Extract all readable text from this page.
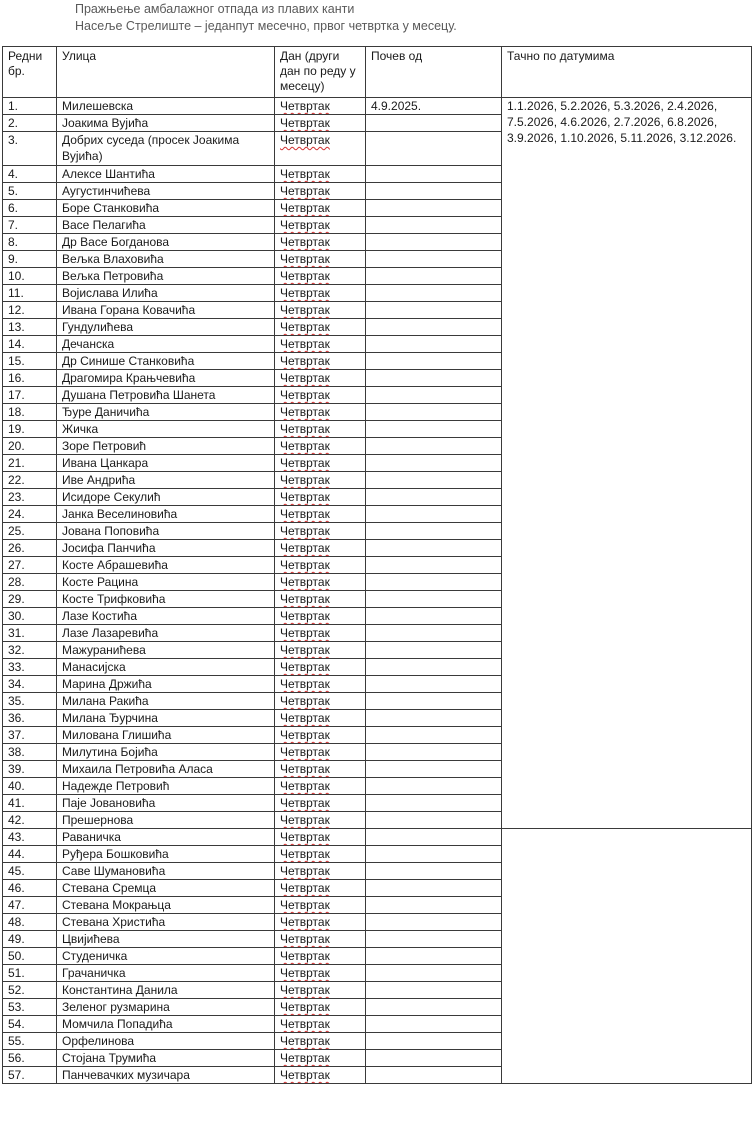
Пражњење амбалажног отпада из плавих канти
Насеље Стрелиште – једанпут месечно, првог четвртка у месецу.
Редни бр.	Улица	Дан (други дан по реду у месецу)	Почев од	Тачно по датумима
1.	Милешевска	Четвртак	4.9.2025.	1.1.2026, 5.2.2026, 5.3.2026, 2.4.2026, 7.5.2026, 4.6.2026, 2.7.2026, 6.8.2026, 3.9.2026, 1.10.2026, 5.11.2026, 3.12.2026.
2.	Јоакима Вујића	Четвртак		
3.	Добрих суседа (просек Јоакима Вујића)	Четвртак		
4.	Алексе Шантића	Четвртак		
5.	Аугустинчићева	Четвртак		
6.	Боре Станковића	Четвртак		
7.	Васе Пелагића	Четвртак		
8.	Др Васе Богданова	Четвртак		
9.	Вељка Влаховића	Четвртак		
10.	Вељка Петровића	Четвртак		
11.	Војислава Илића	Четвртак		
12.	Ивана Горана Ковачића	Четвртак		
13.	Гундулићева	Четвртак		
14.	Дечанска	Четвртак		
15.	Др Синише Станковића	Четвртак		
16.	Драгомира Крањчевића	Четвртак		
17.	Душана Петровића Шанета	Четвртак		
18.	Ђуре Даничића	Четвртак		
19.	Жичка	Четвртак		
20.	Зоре Петровић	Четвртак		
21.	Ивана Цанкара	Четвртак		
22.	Иве Андрића	Четвртак		
23.	Исидоре Секулић	Четвртак		
24.	Јанка Веселиновића	Четвртак		
25.	Јована Поповића	Четвртак		
26.	Јосифа Панчића	Четвртак		
27.	Косте Абрашевића	Четвртак		
28.	Косте Рацина	Четвртак		
29.	Косте Трифковића	Четвртак		
30.	Лазе Костића	Четвртак		
31.	Лазе Лазаревића	Четвртак		
32.	Мажуранићева	Четвртак		
33.	Манасијска	Четвртак		
34.	Марина Држића	Четвртак		
35.	Милана Ракића	Четвртак		
36.	Милана Ђурчина	Четвртак		
37.	Милована Глишића	Четвртак		
38.	Милутина Бојића	Четвртак		
39.	Михаила Петровића Аласа	Четвртак		
40.	Надежде Петровић	Четвртак		
41.	Паје Јовановића	Четвртак		
42.	Прешернова	Четвртак		
43.	Раваничка	Четвртак		
44.	Руђера Бошковића	Четвртак		
45.	Саве Шумановића	Четвртак		
46.	Стевана Сремца	Четвртак		
47.	Стевана Мокрањца	Четвртак		
48.	Стевана Христића	Четвртак		
49.	Цвијићева	Четвртак		
50.	Студеничка	Четвртак		
51.	Грачаничка	Четвртак		
52.	Константина Данила	Четвртак		
53.	Зеленог рузмарина	Четвртак		
54.	Момчила Попадића	Четвртак		
55.	Орфелинова	Четвртак		
56.	Стојана Трумића	Четвртак		
57.	Панчевачких музичара	Четвртак		
